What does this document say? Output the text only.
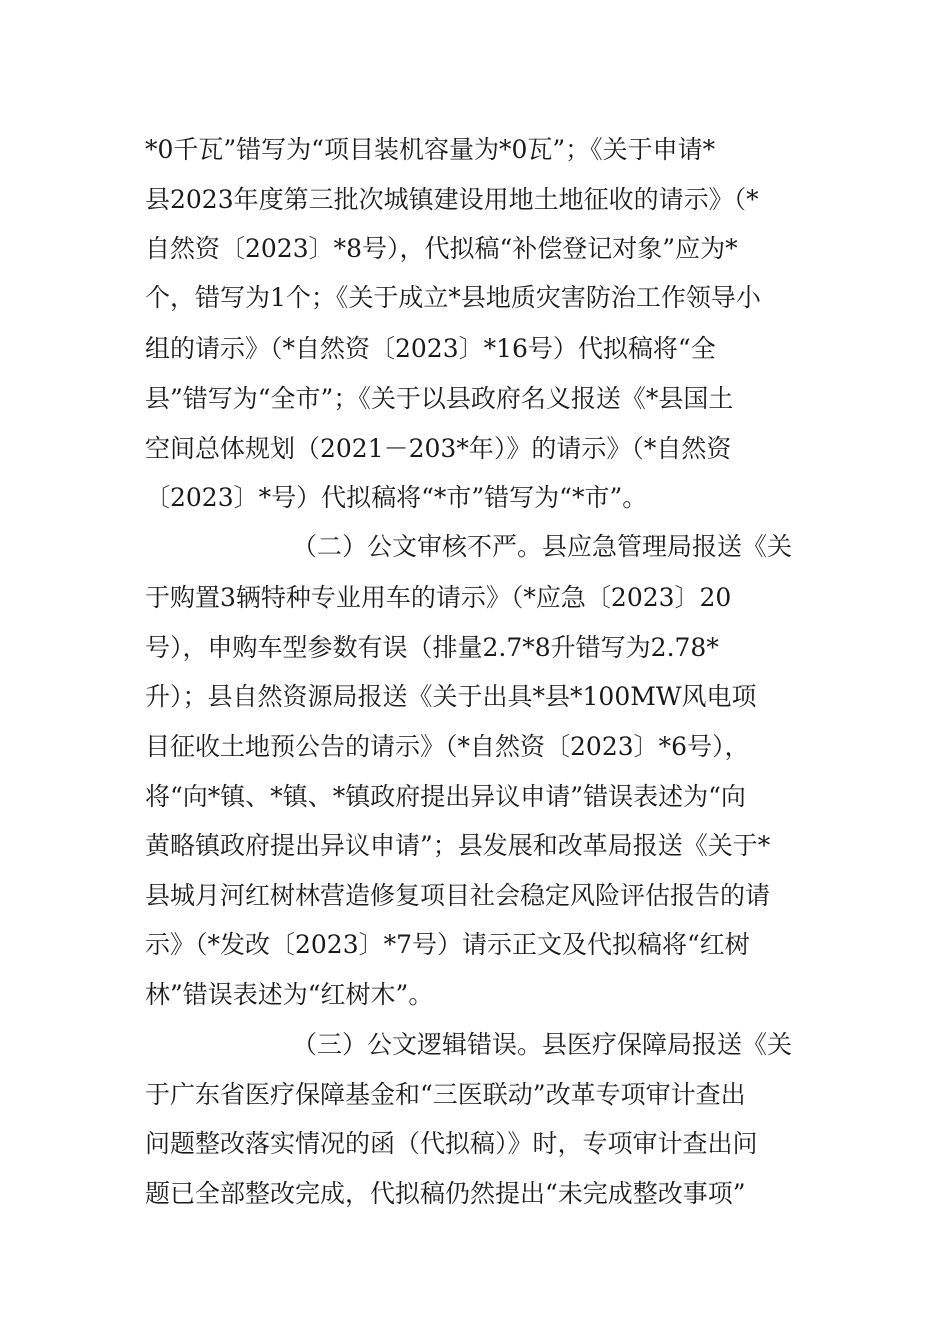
*0千瓦”错写为“项目装机容量为*0瓦”；《关于申请*
县2023年度第三批次城镇建设用地土地征收的请示》（*
自然资〔2023〕*8号），代拟稿“补偿登记对象”应为*
个，错写为1个；《关于成立*县地质灾害防治工作领导小
组的请示》（*自然资〔2023〕*16号）代拟稿将“全
县”错写为“全市”；《关于以县政府名义报送《*县国土
空间总体规划（2021－203*年）》的请示》（*自然资
〔2023〕*号）代拟稿将“*市”错写为“*市”。
（二）公文审核不严。县应急管理局报送《关
于购置3辆特种专业用车的请示》（*应急〔2023〕20
号），申购车型参数有误（排量2.7*8升错写为2.78*
升）；县自然资源局报送《关于出具*县*100MW风电项
目征收土地预公告的请示》（*自然资〔2023〕*6号），
将“向*镇、*镇、*镇政府提出异议申请”错误表述为“向
黄略镇政府提出异议申请”；县发展和改革局报送《关于*
县城月河红树林营造修复项目社会稳定风险评估报告的请
示》（*发改〔2023〕*7号）请示正文及代拟稿将“红树
林”错误表述为“红树木”。
（三）公文逻辑错误。县医疗保障局报送《关
于广东省医疗保障基金和“三医联动”改革专项审计查出
问题整改落实情况的函（代拟稿）》时，专项审计查出问
题已全部整改完成，代拟稿仍然提出“未完成整改事项”
